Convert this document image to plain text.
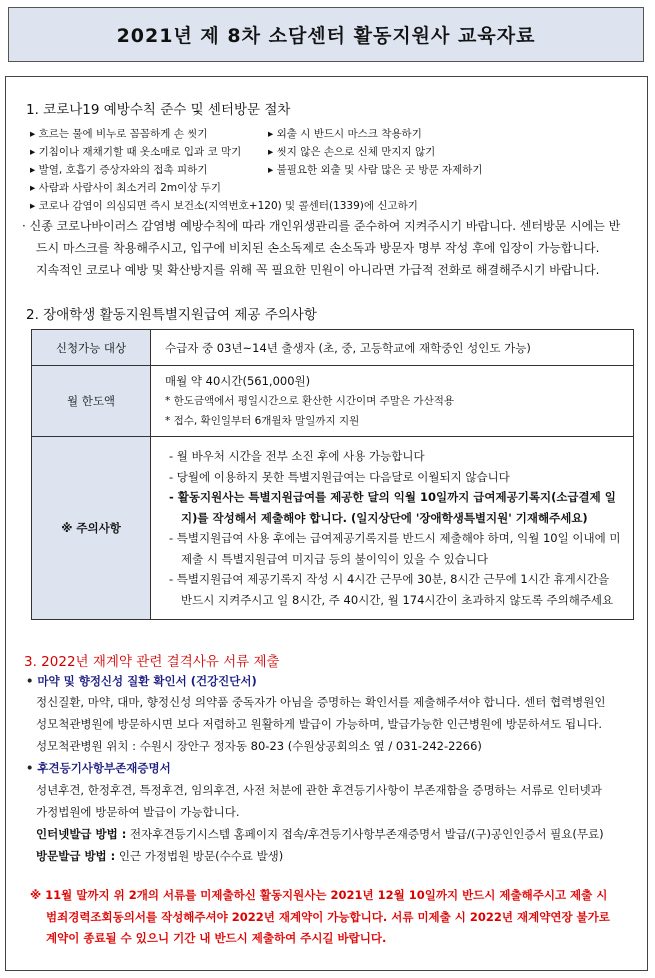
2021년 제 8차 소담센터 활동지원사 교육자료
1. 코로나19 예방수칙 준수 및 센터방문 절차
▸ 흐르는 물에 비누로 꼼꼼하게 손 씻기
▸ 기침이나 재채기할 때 옷소매로 입과 코 막기
▸ 발열, 호흡기 증상자와의 접촉 피하기
▸ 사람과 사람사이 최소거리 2m이상 두기
▸ 코로나 감염이 의심되면 즉시 보건소(지역번호+120) 및 콜센터(1339)에 신고하기
▸ 외출 시 반드시 마스크 착용하기
▸ 씻지 않은 손으로 신체 만지지 않기
▸ 불필요한 외출 및 사람 많은 곳 방문 자제하기
· 신종 코로나바이러스 감염병 예방수칙에 따라 개인위생관리를 준수하여 지켜주시기 바랍니다. 센터방문 시에는 반
드시 마스크를 착용해주시고, 입구에 비치된 손소독제로 손소독과 방문자 명부 작성 후에 입장이 가능합니다.
지속적인 코로나 예방 및 확산방지를 위해 꼭 필요한 민원이 아니라면 가급적 전화로 해결해주시기 바랍니다.
2. 장애학생 활동지원특별지원급여 제공 주의사항
신청가능 대상	수급자 중 03년~14년 출생자 (초, 중, 고등학교에 재학중인 성인도 가능)
월 한도액	매월 약 40시간(561,000원)
* 한도금액에서 평일시간으로 환산한 시간이며 주말은 가산적용
* 접수, 확인일부터 6개월차 말일까지 지원

※ 주의사항	- 월 바우처 시간을 전부 소진 후에 사용 가능합니다
- 당월에 이용하지 못한 특별지원급여는 다음달로 이월되지 않습니다
- 활동지원사는 특별지원급여를 제공한 달의 익월 10일까지 급여제공기록지(소급결제 일지)를 작성해서 제출해야 합니다. (일지상단에 '장애학생특별지원' 기재해주세요)
- 특별지원급여 사용 후에는 급여제공기록지를 반드시 제출해야 하며, 익월 10일 이내에 미제출 시 특별지원급여 미지급 등의 불이익이 있을 수 있습니다
- 특별지원급여 제공기록지 작성 시 4시간 근무에 30분, 8시간 근무에 1시간 휴게시간을 반드시 지켜주시고 일 8시간, 주 40시간, 월 174시간이 초과하지 않도록 주의해주세요
3. 2022년 재계약 관련 결격사유 서류 제출
• 마약 및 향정신성 질환 확인서 (건강진단서)
정신질환, 마약, 대마, 향정신성 의약품 중독자가 아님을 증명하는 확인서를 제출해주셔야 합니다. 센터 협력병원인
성모척관병원에 방문하시면 보다 저렴하고 원활하게 발급이 가능하며, 발급가능한 인근병원에 방문하셔도 됩니다.
성모척관병원 위치 : 수원시 장안구 정자동 80-23 (수원상공회의소 옆 / 031-242-2266)
• 후견등기사항부존재증명서
성년후견, 한정후견, 특정후견, 임의후견, 사전 처분에 관한 후견등기사항이 부존재함을 증명하는 서류로 인터넷과
가정법원에 방문하여 발급이 가능합니다.
인터넷발급 방법 : 전자후견등기시스템 홈페이지 접속/후견등기사항부존재증명서 발급/(구)공인인증서 필요(무료)
방문발급 방법 : 인근 가정법원 방문(수수료 발생)
※ 11월 말까지 위 2개의 서류를 미제출하신 활동지원사는 2021년 12월 10일까지 반드시 제출해주시고 제출 시
범죄경력조회동의서를 작성해주셔야 2022년 재계약이 가능합니다. 서류 미제출 시 2022년 재계약연장 불가로
계약이 종료될 수 있으니 기간 내 반드시 제출하여 주시길 바랍니다.
